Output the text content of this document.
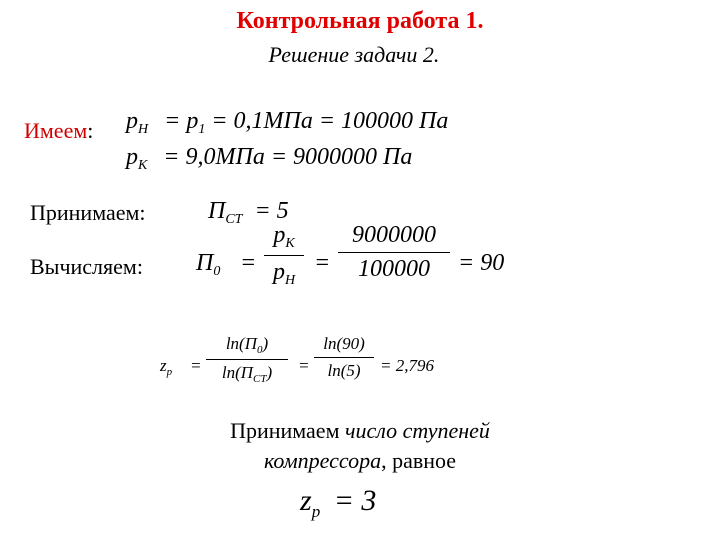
Контрольная работа 1.
Решение задачи 2.
Имеем: $p_Н = p_1 = 0,1МПа = 100000$ Па
$p_К = 9,0МПа = 9000000$ Па
Принимаем:	$П_{СТ} = 5$
Вычисляем: $П_0$ =
$p_К$
$p_Н$
=
9000000
100000	= 90
$z_p$ =
$\ln(П_0)$
$\ln(П_{СТ})$	=
ln(90)
ln(5)	= 2,796
Принимаем число ступеней
компрессора, равное
$z_p = 3$
